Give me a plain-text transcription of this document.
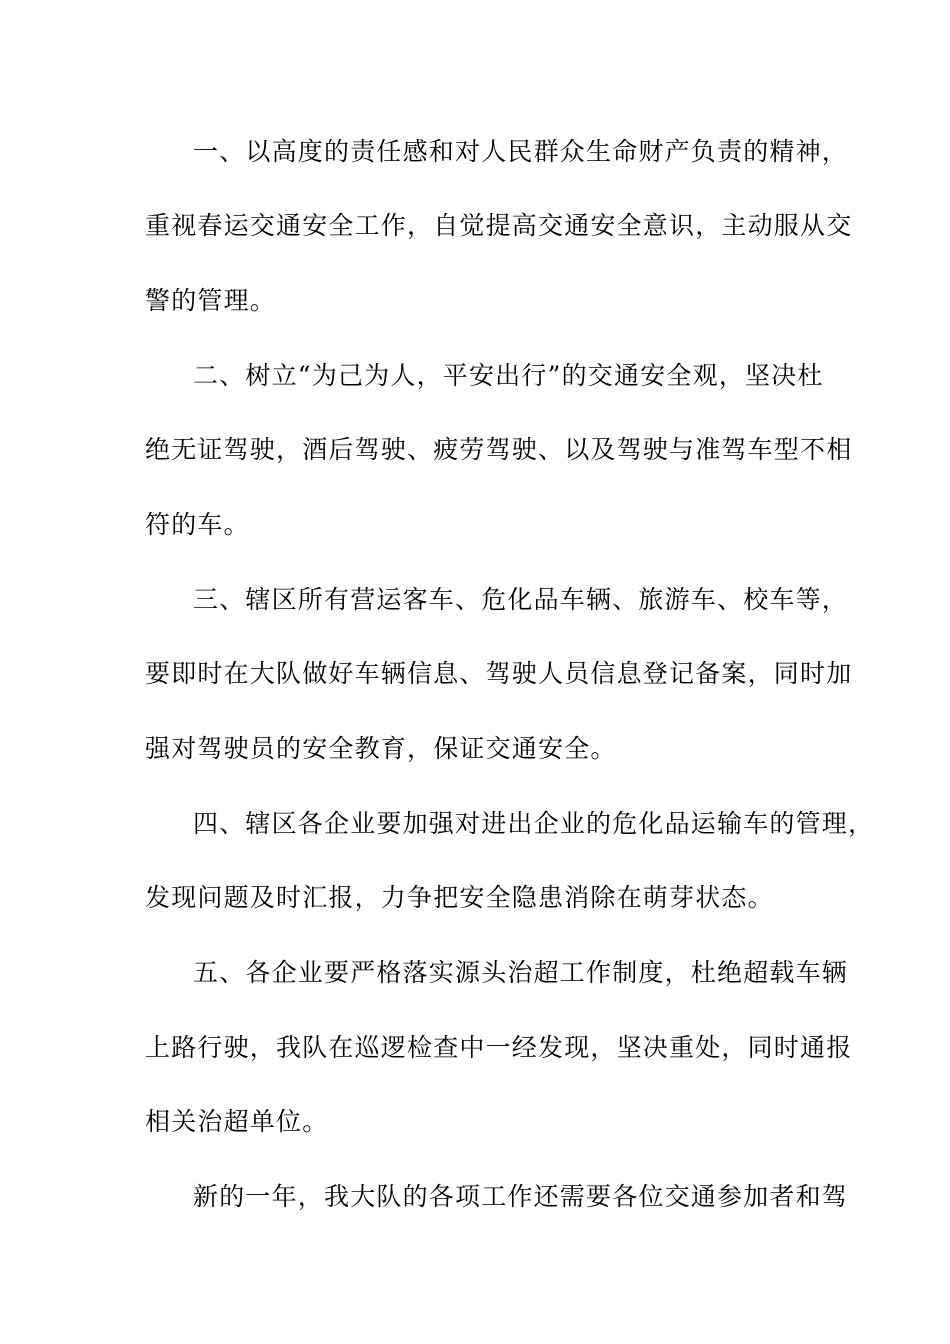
一、以高度的责任感和对人民群众生命财产负责的精神，

重视春运交通安全工作，自觉提高交通安全意识，主动服从交

警的管理。

二、树立“为己为人，平安出行”的交通安全观，坚决杜

绝无证驾驶，酒后驾驶、疲劳驾驶、以及驾驶与准驾车型不相

符的车。

三、辖区所有营运客车、危化品车辆、旅游车、校车等，

要即时在大队做好车辆信息、驾驶人员信息登记备案，同时加

强对驾驶员的安全教育，保证交通安全。

四、辖区各企业要加强对进出企业的危化品运输车的管理，

发现问题及时汇报，力争把安全隐患消除在萌芽状态。

五、各企业要严格落实源头治超工作制度，杜绝超载车辆

上路行驶，我队在巡逻检查中一经发现，坚决重处，同时通报

相关治超单位。

新的一年，我大队的各项工作还需要各位交通参加者和驾
